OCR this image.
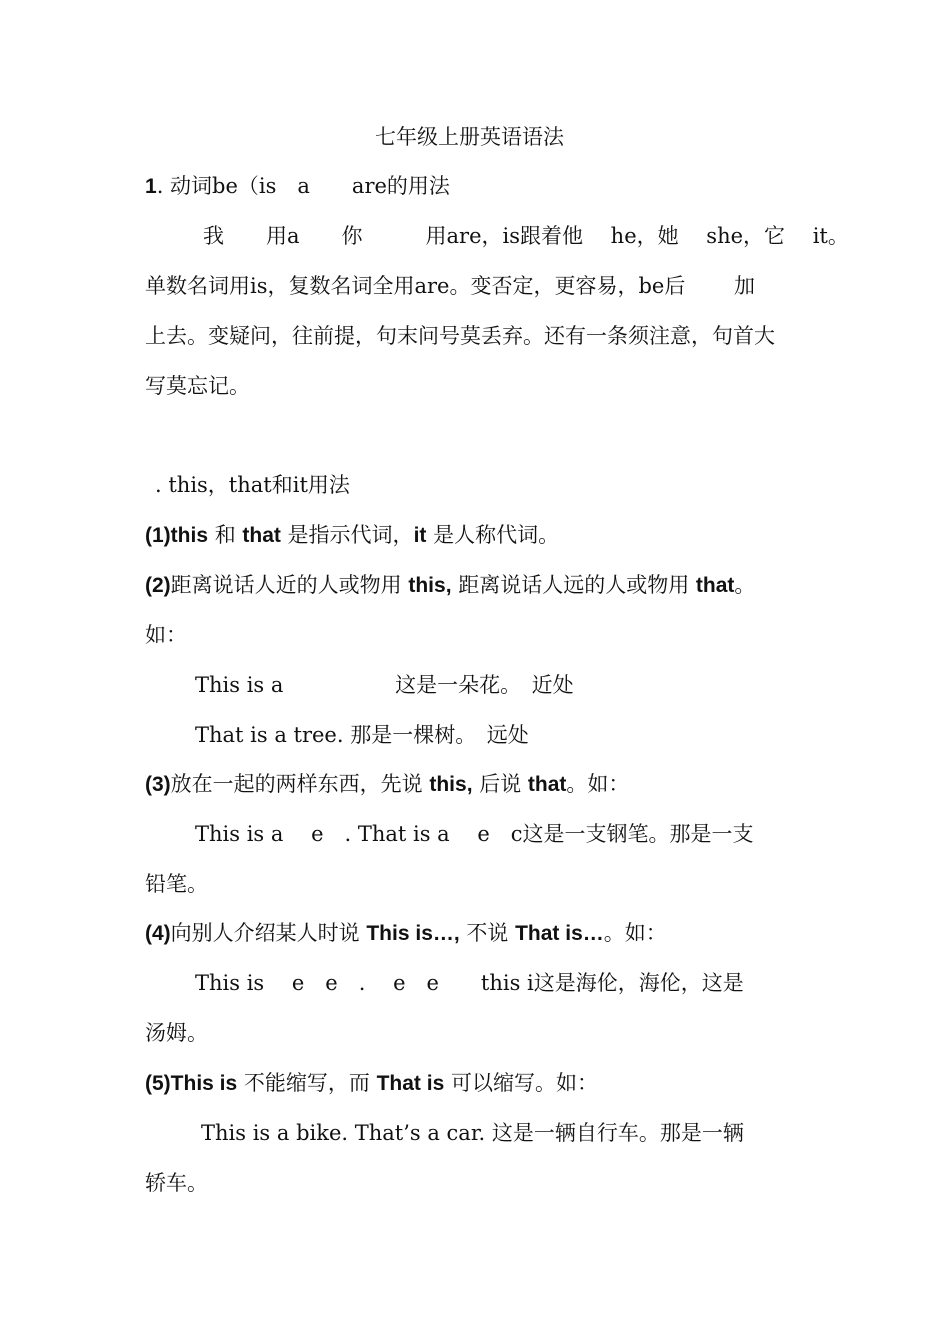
七年级上册英语语法
1. 动词be（is　a　　are的用法
我　　用a　　你　　　用are，is跟着他　 he，她　 she，它　 it。
单数名词用is，复数名词全用are。变否定，更容易，be后　　 加
上去。变疑问，往前提，句末问号莫丢弃。还有一条须注意，句首大
写莫忘记。
. this，that和it用法
(1)this 和 that 是指示代词，it 是人称代词。
(2)距离说话人近的人或物用 this, 距离说话人远的人或物用 that。
如：
This is a　　　　　 这是一朵花。　近处
That is a tree. 那是一棵树。　远处
(3)放在一起的两样东西，先说 this, 后说 that。如：
This is a　 e　. That is a　 e　c这是一支钢笔。那是一支
铅笔。
(4)向别人介绍某人时说 This is…, 不说 That is…。如：
This is　 e　e　.　 e　e　　this i这是海伦，海伦，这是
汤姆。
(5)This is 不能缩写，而 That is 可以缩写。如：
This is a bike. That’s a car. 这是一辆自行车。那是一辆
轿车。
